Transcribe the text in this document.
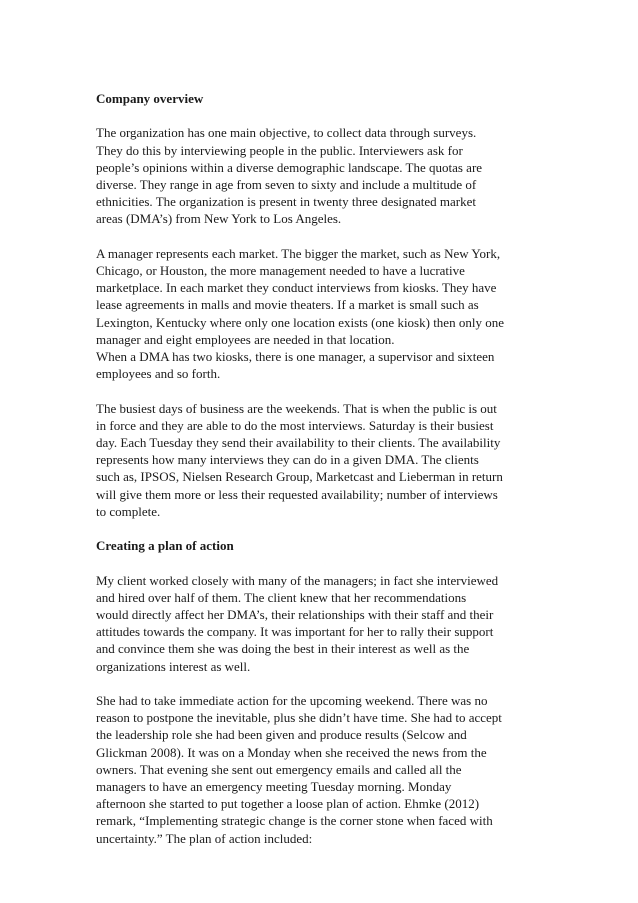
Company overview
The organization has one main objective, to collect data through surveys.
They do this by interviewing people in the public. Interviewers ask for
people’s opinions within a diverse demographic landscape. The quotas are
diverse. They range in age from seven to sixty and include a multitude of
ethnicities. The organization is present in twenty three designated market
areas (DMA’s) from New York to Los Angeles.
A manager represents each market. The bigger the market, such as New York,
Chicago, or Houston, the more management needed to have a lucrative
marketplace. In each market they conduct interviews from kiosks. They have
lease agreements in malls and movie theaters. If a market is small such as
Lexington, Kentucky where only one location exists (one kiosk) then only one
manager and eight employees are needed in that location.
When a DMA has two kiosks, there is one manager, a supervisor and sixteen
employees and so forth.
The busiest days of business are the weekends. That is when the public is out
in force and they are able to do the most interviews. Saturday is their busiest
day. Each Tuesday they send their availability to their clients. The availability
represents how many interviews they can do in a given DMA. The clients
such as, IPSOS, Nielsen Research Group, Marketcast and Lieberman in return
will give them more or less their requested availability; number of interviews
to complete.
Creating a plan of action
My client worked closely with many of the managers; in fact she interviewed
and hired over half of them. The client knew that her recommendations
would directly affect her DMA’s, their relationships with their staff and their
attitudes towards the company. It was important for her to rally their support
and convince them she was doing the best in their interest as well as the
organizations interest as well.
She had to take immediate action for the upcoming weekend. There was no
reason to postpone the inevitable, plus she didn’t have time. She had to accept
the leadership role she had been given and produce results (Selcow and
Glickman 2008). It was on a Monday when she received the news from the
owners. That evening she sent out emergency emails and called all the
managers to have an emergency meeting Tuesday morning. Monday
afternoon she started to put together a loose plan of action. Ehmke (2012)
remark, “Implementing strategic change is the corner stone when faced with
uncertainty.” The plan of action included:
